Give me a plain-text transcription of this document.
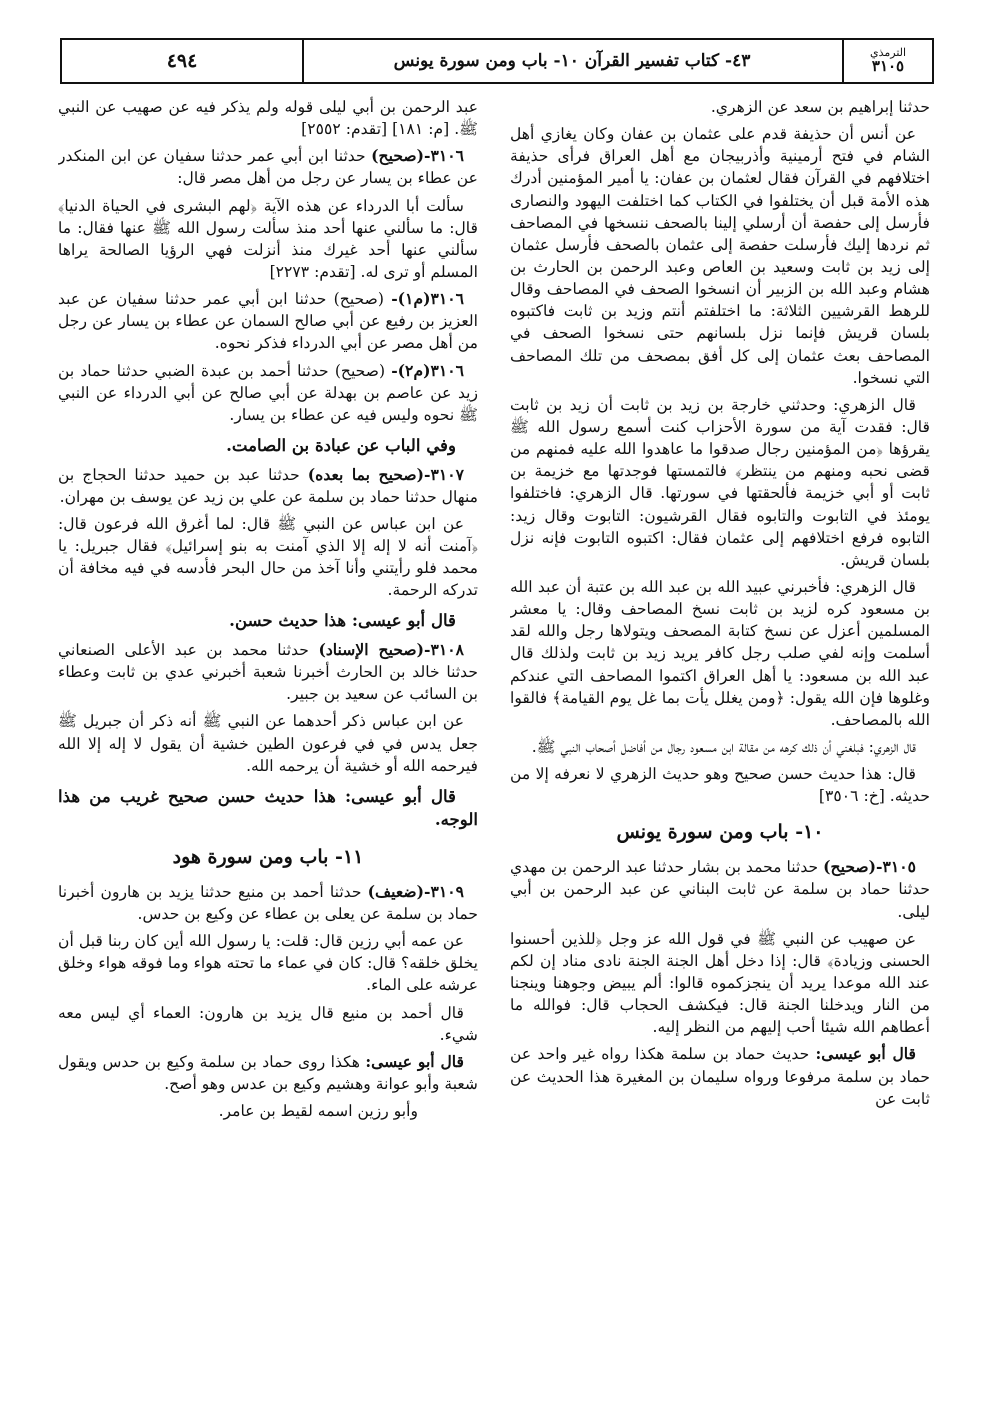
الترمذي
٣١٠٥
٤٣- كتاب تفسير القرآن ١٠- باب ومن سورة يونس
٤٩٤

حدثنا إبراهيم بن سعد عن الزهري.

عن أنس أن حذيفة قدم على عثمان بن عفان وكان يغازي أهل الشام في فتح أرمينية وأذربيجان مع أهل العراق فرأى حذيفة اختلافهم في القرآن فقال لعثمان بن عفان: يا أمير المؤمنين أدرك هذه الأمة قبل أن يختلفوا في الكتاب كما اختلفت اليهود والنصارى فأرسل إلى حفصة أن أرسلي إلينا بالصحف ننسخها في المصاحف ثم نردها إليك فأرسلت حفصة إلى عثمان بالصحف فأرسل عثمان إلى زيد بن ثابت وسعيد بن العاص وعبد الرحمن بن الحارث بن هشام وعبد الله بن الزبير أن انسخوا الصحف في المصاحف وقال للرهط القرشيين الثلاثة: ما اختلفتم أنتم وزيد بن ثابت فاكتبوه بلسان قريش فإنما نزل بلسانهم حتى نسخوا الصحف في المصاحف بعث عثمان إلى كل أفق بمصحف من تلك المصاحف التي نسخوا.

قال الزهري: وحدثني خارجة بن زيد بن ثابت أن زيد بن ثابت قال: فقدت آية من سورة الأحزاب كنت أسمع رسول الله ﷺ يقرؤها ﴿من المؤمنين رجال صدقوا ما عاهدوا الله عليه فمنهم من قضى نحبه ومنهم من ينتظر﴾ فالتمستها فوجدتها مع خزيمة بن ثابت أو أبي خزيمة فألحقتها في سورتها. قال الزهري: فاختلفوا يومئذ في التابوت والتابوه فقال القرشيون: التابوت وقال زيد: التابوه فرفع اختلافهم إلى عثمان فقال: اكتبوه التابوت فإنه نزل بلسان قريش.

قال الزهري: فأخبرني عبيد الله بن عبد الله بن عتبة أن عبد الله بن مسعود كره لزيد بن ثابت نسخ المصاحف وقال: يا معشر المسلمين أعزل عن نسخ كتابة المصحف ويتولاها رجل والله لقد أسلمت وإنه لفي صلب رجل كافر يريد زيد بن ثابت ولذلك قال عبد الله بن مسعود: يا أهل العراق اكتموا المصاحف التي عندكم وغلوها فإن الله يقول: ﴿ومن يغلل يأت بما غل يوم القيامة﴾ فالقوا الله بالمصاحف.

قال الزهري: فبلغني أن ذلك كرهه من مقالة ابن مسعود رجال من أفاضل أصحاب النبي ﷺ.

قال: هذا حديث حسن صحيح وهو حديث الزهري لا نعرفه إلا من حديثه. [خ: ٣٥٠٦]

١٠- باب ومن سورة يونس

٣١٠٥-(صحيح) حدثنا محمد بن بشار حدثنا عبد الرحمن بن مهدي حدثنا حماد بن سلمة عن ثابت البناني عن عبد الرحمن بن أبي ليلى.

عن صهيب عن النبي ﷺ في قول الله عز وجل ﴿للذين أحسنوا الحسنى وزيادة﴾ قال: إذا دخل أهل الجنة الجنة نادى مناد إن لكم عند الله موعدا يريد أن ينجزكموه قالوا: ألم يبيض وجوهنا وينجنا من النار ويدخلنا الجنة قال: فيكشف الحجاب قال: فوالله ما أعطاهم الله شيئا أحب إليهم من النظر إليه.

قال أبو عيسى: حديث حماد بن سلمة هكذا رواه غير واحد عن حماد بن سلمة مرفوعا ورواه سليمان بن المغيرة هذا الحديث عن ثابت عن

عبد الرحمن بن أبي ليلى قوله ولم يذكر فيه عن صهيب عن النبي ﷺ. [م: ١٨١] [تقدم: ٢٥٥٢]

٣١٠٦-(صحيح) حدثنا ابن أبي عمر حدثنا سفيان عن ابن المنكدر عن عطاء بن يسار عن رجل من أهل مصر قال:

سألت أبا الدرداء عن هذه الآية ﴿لهم البشرى في الحياة الدنيا﴾ قال: ما سألني عنها أحد منذ سألت رسول الله ﷺ عنها فقال: ما سألني عنها أحد غيرك منذ أنزلت فهي الرؤيا الصالحة يراها المسلم أو ترى له. [تقدم: ٢٢٧٣]

٣١٠٦(م١)- (صحيح) حدثنا ابن أبي عمر حدثنا سفيان عن عبد العزيز بن رفيع عن أبي صالح السمان عن عطاء بن يسار عن رجل من أهل مصر عن أبي الدرداء فذكر نحوه.

٣١٠٦(م٢)- (صحيح) حدثنا أحمد بن عبدة الضبي حدثنا حماد بن زيد عن عاصم بن بهدلة عن أبي صالح عن أبي الدرداء عن النبي ﷺ نحوه وليس فيه عن عطاء بن يسار.

وفي الباب عن عبادة بن الصامت.

٣١٠٧-(صحيح بما بعده) حدثنا عبد بن حميد حدثنا الحجاج بن منهال حدثنا حماد بن سلمة عن علي بن زيد عن يوسف بن مهران.

عن ابن عباس عن النبي ﷺ قال: لما أغرق الله فرعون قال: ﴿آمنت أنه لا إله إلا الذي آمنت به بنو إسرائيل﴾ فقال جبريل: يا محمد فلو رأيتني وأنا آخذ من حال البحر فأدسه في فيه مخافة أن تدركه الرحمة.

قال أبو عيسى: هذا حديث حسن.

٣١٠٨-(صحيح الإسناد) حدثنا محمد بن عبد الأعلى الصنعاني حدثنا خالد بن الحارث أخبرنا شعبة أخبرني عدي بن ثابت وعطاء بن السائب عن سعيد بن جبير.

عن ابن عباس ذكر أحدهما عن النبي ﷺ أنه ذكر أن جبريل ﷺ جعل يدس في في فرعون الطين خشية أن يقول لا إله إلا الله فيرحمه الله أو خشية أن يرحمه الله.

قال أبو عيسى: هذا حديث حسن صحيح غريب من هذا الوجه.
١١- باب ومن سورة هود

٣١٠٩-(ضعيف) حدثنا أحمد بن منيع حدثنا يزيد بن هارون أخبرنا حماد بن سلمة عن يعلى بن عطاء عن وكيع بن حدس.

عن عمه أبي رزين قال: قلت: يا رسول الله أين كان ربنا قبل أن يخلق خلقه؟ قال: كان في عماء ما تحته هواء وما فوقه هواء وخلق عرشه على الماء.

قال أحمد بن منيع قال يزيد بن هارون: العماء أي ليس معه شيء.

قال أبو عيسى: هكذا روى حماد بن سلمة وكيع بن حدس ويقول شعبة وأبو عوانة وهشيم وكيع بن عدس وهو أصح.

وأبو رزين اسمه لقيط بن عامر.
